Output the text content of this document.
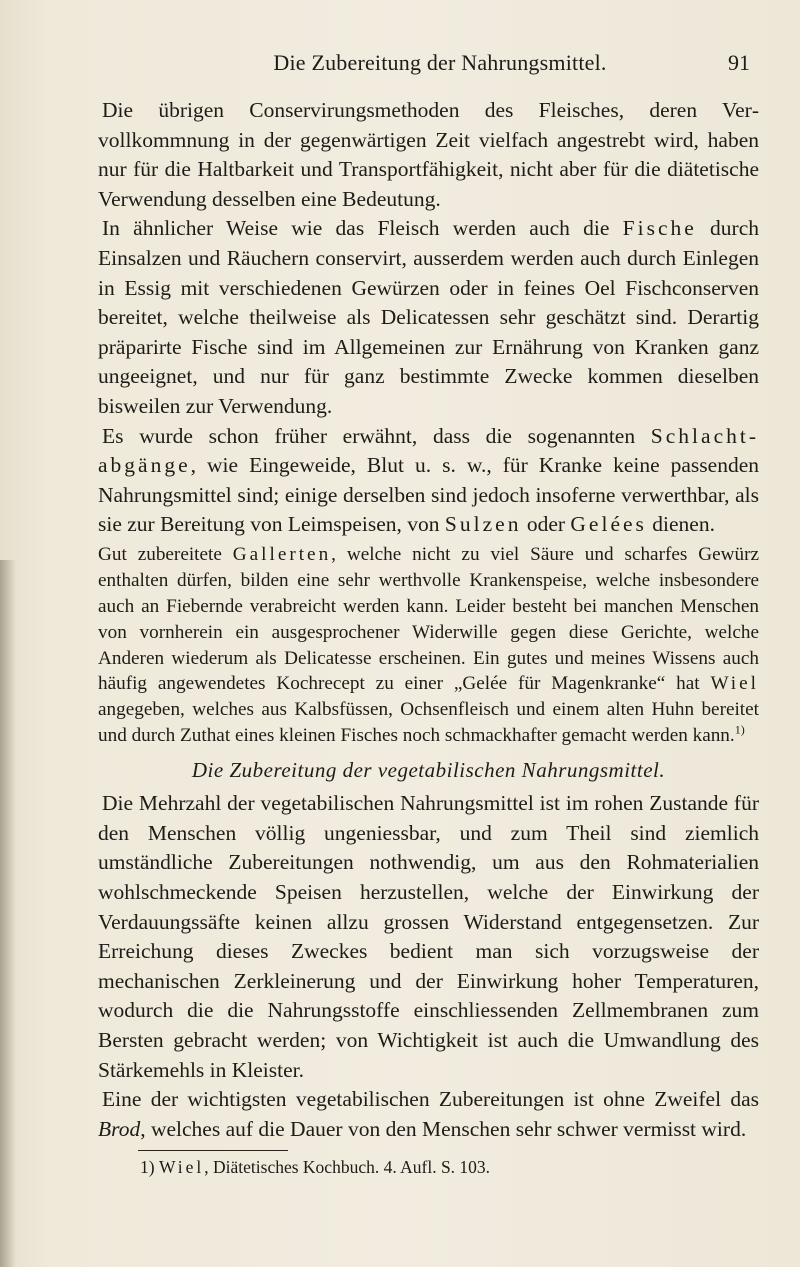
Die Zubereitung der Nahrungsmittel.	91

Die übrigen Conservirungsmethoden des Fleisches, deren Vervollkommnung in der gegenwärtigen Zeit vielfach angestrebt wird, haben nur für die Haltbarkeit und Transportfähigkeit, nicht aber für die diätetische Verwendung desselben eine Bedeutung.

In ähnlicher Weise wie das Fleisch werden auch die Fische durch Einsalzen und Räuchern conservirt, ausserdem werden auch durch Einlegen in Essig mit verschiedenen Gewürzen oder in feines Oel Fischconserven bereitet, welche theilweise als Delicatessen sehr geschätzt sind. Derartig präparirte Fische sind im Allgemeinen zur Ernährung von Kranken ganz ungeeignet, und nur für ganz bestimmte Zwecke kommen dieselben bisweilen zur Verwendung.

Es wurde schon früher erwähnt, dass die sogenannten Schlacht-abgänge, wie Eingeweide, Blut u. s. w., für Kranke keine passenden Nahrungsmittel sind; einige derselben sind jedoch insoferne verwerthbar, als sie zur Bereitung von Leimspeisen, von Sulzen oder Gelées dienen.

Gut zubereitete Gallerten, welche nicht zu viel Säure und scharfes Gewürz enthalten dürfen, bilden eine sehr werthvolle Krankenspeise, welche insbesondere auch an Fiebernde verabreicht werden kann. Leider besteht bei manchen Menschen von vornherein ein ausgesprochener Widerwille gegen diese Gerichte, welche Anderen wiederum als Delicatesse erscheinen. Ein gutes und meines Wissens auch häufig angewendetes Kochrecept zu einer „Gelée für Magenkranke“ hat Wiel angegeben, welches aus Kalbsfüssen, Ochsenfleisch und einem alten Huhn bereitet und durch Zuthat eines kleinen Fisches noch schmackhafter gemacht werden kann.$^{1)}$

Die Zubereitung der vegetabilischen Nahrungsmittel.

Die Mehrzahl der vegetabilischen Nahrungsmittel ist im rohen Zustande für den Menschen völlig ungeniessbar, und zum Theil sind ziemlich umständliche Zubereitungen nothwendig, um aus den Rohmaterialien wohlschmeckende Speisen herzustellen, welche der Einwirkung der Verdauungssäfte keinen allzu grossen Widerstand entgegensetzen. Zur Erreichung dieses Zweckes bedient man sich vorzugsweise der mechanischen Zerkleinerung und der Einwirkung hoher Temperaturen, wodurch die die Nahrungsstoffe einschliessenden Zellmembranen zum Bersten gebracht werden; von Wichtigkeit ist auch die Umwandlung des Stärkemehls in Kleister.

Eine der wichtigsten vegetabilischen Zubereitungen ist ohne Zweifel das Brod, welches auf die Dauer von den Menschen sehr schwer vermisst wird.

1) Wiel, Diätetisches Kochbuch. 4. Aufl. S. 103.
